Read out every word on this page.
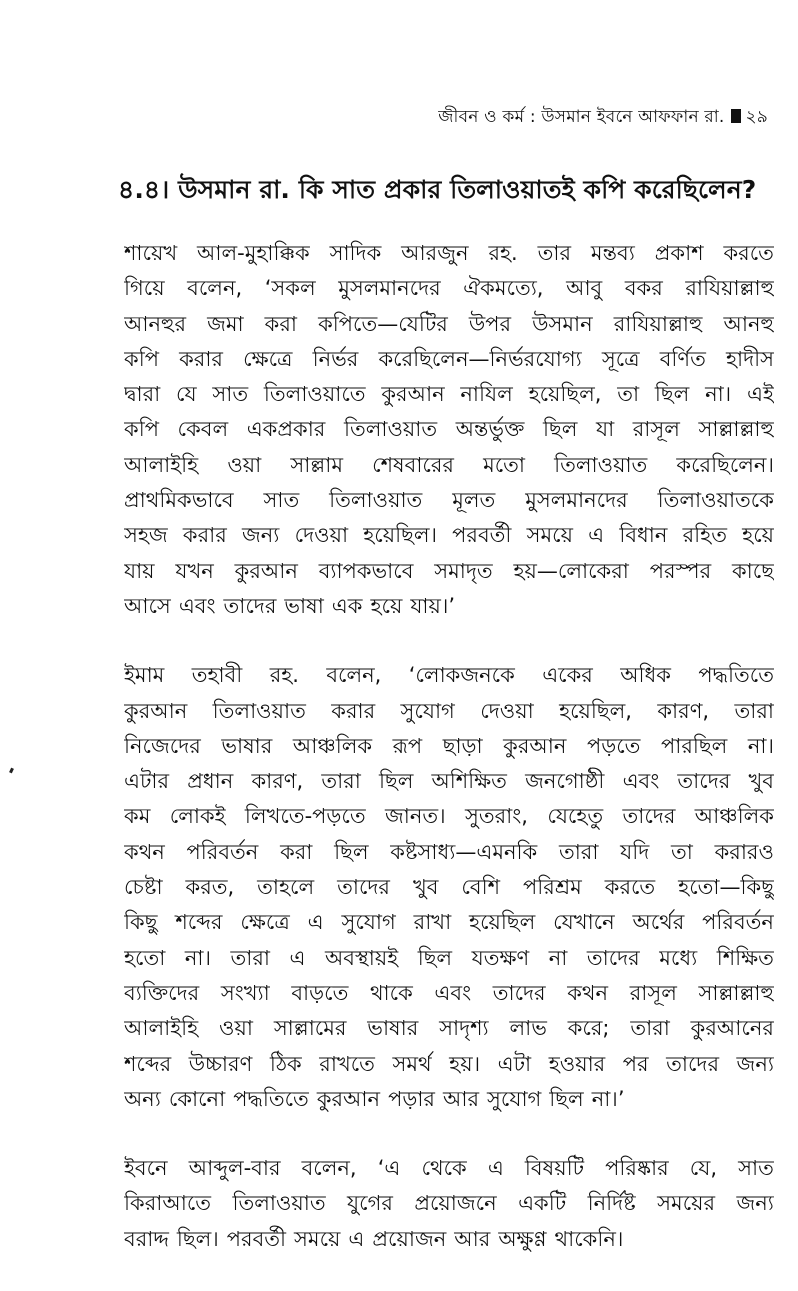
জীবন ও কর্ম : উসমান ইবনে আফফান রা. ২৯
৪.৪। উসমান রা. কি সাত প্রকার তিলাওয়াতই কপি করেছিলেন?
শায়েখ আল-মুহাক্কিক সাদিক আরজুন রহ. তার মন্তব্য প্রকাশ করতে
গিয়ে বলেন, ‘সকল মুসলমানদের ঐকমত্যে, আবু বকর রাযিয়াল্লাহু
আনহুর জমা করা কপিতে—যেটির উপর উসমান রাযিয়াল্লাহু আনহু
কপি করার ক্ষেত্রে নির্ভর করেছিলেন—নির্ভরযোগ্য সূত্রে বর্ণিত হাদীস
দ্বারা যে সাত তিলাওয়াতে কুরআন নাযিল হয়েছিল, তা ছিল না। এই
কপি কেবল একপ্রকার তিলাওয়াত অন্তর্ভুক্ত ছিল যা রাসূল সাল্লাল্লাহু
আলাইহি ওয়া সাল্লাম শেষবারের মতো তিলাওয়াত করেছিলেন।
প্রাথমিকভাবে সাত তিলাওয়াত মূলত মুসলমানদের তিলাওয়াতকে
সহজ করার জন্য দেওয়া হয়েছিল। পরবর্তী সময়ে এ বিধান রহিত হয়ে
যায় যখন কুরআন ব্যাপকভাবে সমাদৃত হয়—লোকেরা পরস্পর কাছে
আসে এবং তাদের ভাষা এক হয়ে যায়।’
ইমাম তহাবী রহ. বলেন, ‘লোকজনকে একের অধিক পদ্ধতিতে
কুরআন তিলাওয়াত করার সুযোগ দেওয়া হয়েছিল, কারণ, তারা
নিজেদের ভাষার আঞ্চলিক রূপ ছাড়া কুরআন পড়তে পারছিল না।
এটার প্রধান কারণ, তারা ছিল অশিক্ষিত জনগোষ্ঠী এবং তাদের খুব
কম লোকই লিখতে-পড়তে জানত। সুতরাং, যেহেতু তাদের আঞ্চলিক
কথন পরিবর্তন করা ছিল কষ্টসাধ্য—এমনকি তারা যদি তা করারও
চেষ্টা করত, তাহলে তাদের খুব বেশি পরিশ্রম করতে হতো—কিছু
কিছু শব্দের ক্ষেত্রে এ সুযোগ রাখা হয়েছিল যেখানে অর্থের পরিবর্তন
হতো না। তারা এ অবস্থায়ই ছিল যতক্ষণ না তাদের মধ্যে শিক্ষিত
ব্যক্তিদের সংখ্যা বাড়তে থাকে এবং তাদের কথন রাসূল সাল্লাল্লাহু
আলাইহি ওয়া সাল্লামের ভাষার সাদৃশ্য লাভ করে; তারা কুরআনের
শব্দের উচ্চারণ ঠিক রাখতে সমর্থ হয়। এটা হওয়ার পর তাদের জন্য
অন্য কোনো পদ্ধতিতে কুরআন পড়ার আর সুযোগ ছিল না।’
ইবনে আব্দুল-বার বলেন, ‘এ থেকে এ বিষয়টি পরিষ্কার যে, সাত
কিরাআতে তিলাওয়াত যুগের প্রয়োজনে একটি নির্দিষ্ট সময়ের জন্য
বরাদ্দ ছিল। পরবর্তী সময়ে এ প্রয়োজন আর অক্ষুণ্ণ থাকেনি।
